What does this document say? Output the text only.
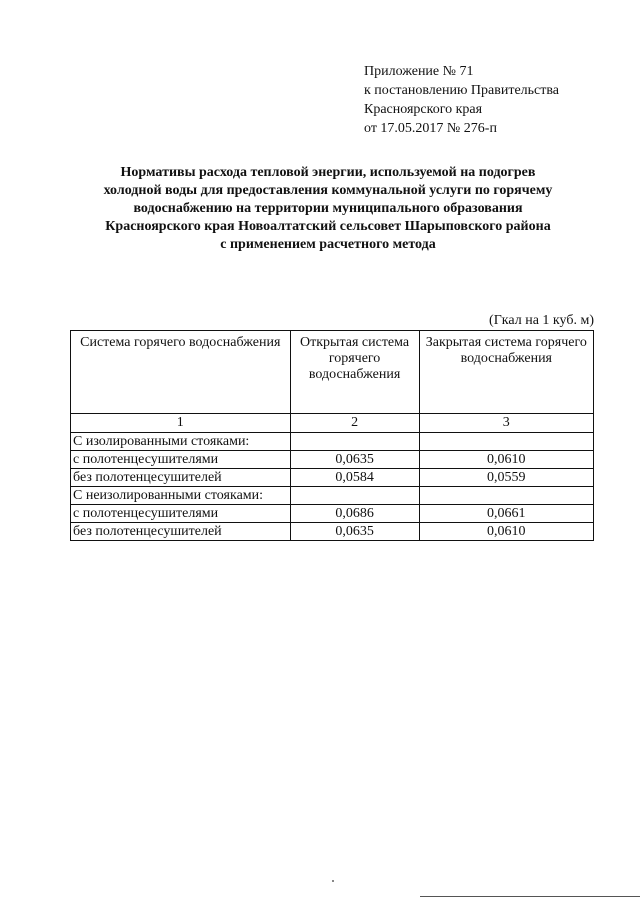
Приложение № 71
к постановлению Правительства
Красноярского края
от 17.05.2017 № 276-п
Нормативы расхода тепловой энергии, используемой на подогрев
холодной воды для предоставления коммунальной услуги по горячему
водоснабжению на территории муниципального образования
Красноярского края Новоалтатский сельсовет Шарыповского района
с применением расчетного метода
(Гкал на 1 куб. м)
Система горячего водоснабжения	Открытая система горячего водоснабжения	Закрытая система горячего водоснабжения
1	2	3
С изолированными стояками:		
с полотенцесушителями	0,0635	0,0610
без полотенцесушителей	0,0584	0,0559
С неизолированными стояками:		
с полотенцесушителями	0,0686	0,0661
без полотенцесушителей	0,0635	0,0610
